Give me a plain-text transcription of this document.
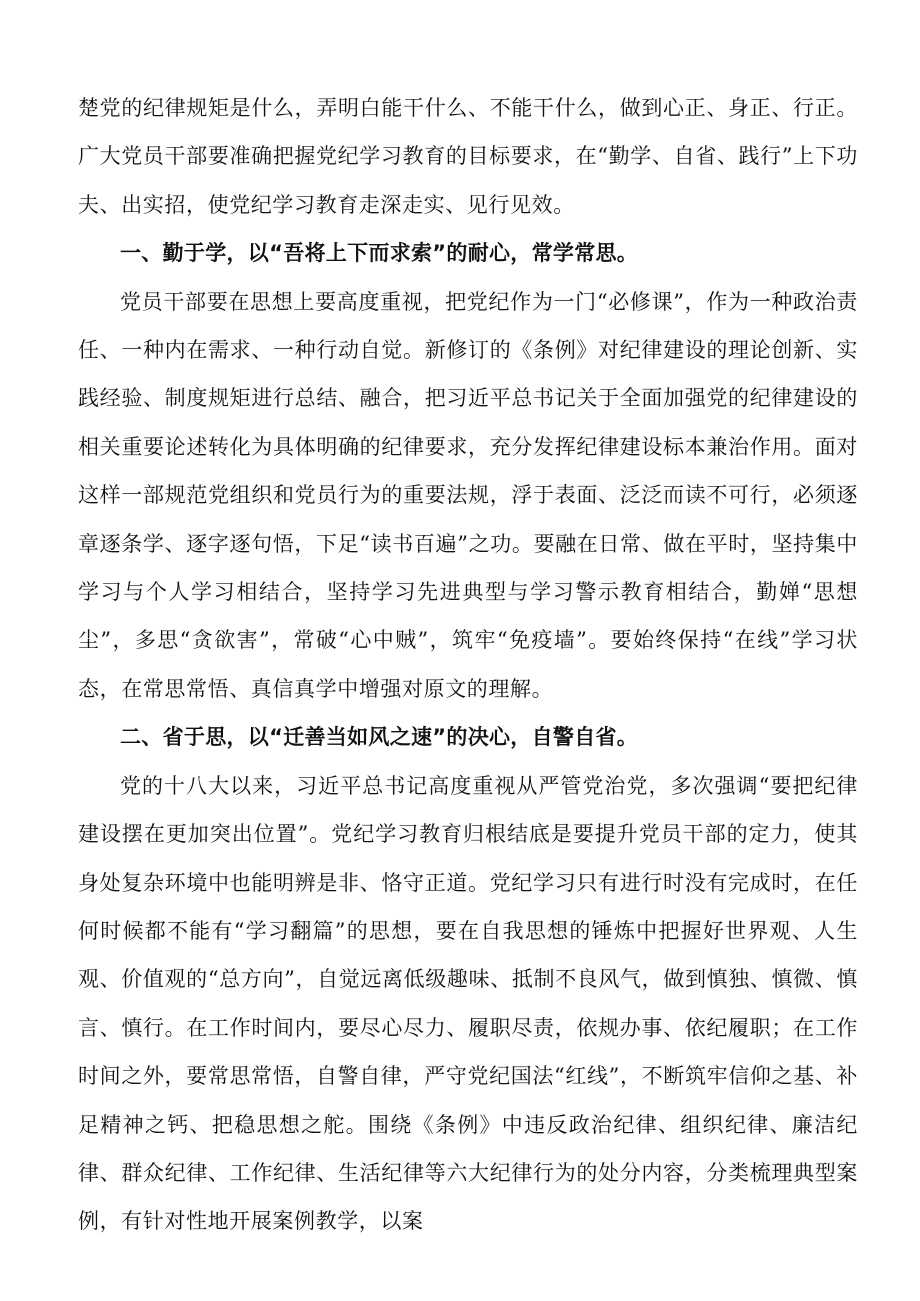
楚党的纪律规矩是什么，弄明白能干什么、不能干什么，做到心正、身正、行正。广大党员干部要准确把握党纪学习教育的目标要求，在“勤学、自省、践行”上下功夫、出实招，使党纪学习教育走深走实、见行见效。

一、勤于学，以“吾将上下而求索”的耐心，常学常思。

党员干部要在思想上要高度重视，把党纪作为一门“必修课”，作为一种政治责任、一种内在需求、一种行动自觉。新修订的《条例》对纪律建设的理论创新、实践经验、制度规矩进行总结、融合，把习近平总书记关于全面加强党的纪律建设的相关重要论述转化为具体明确的纪律要求，充分发挥纪律建设标本兼治作用。面对这样一部规范党组织和党员行为的重要法规，浮于表面、泛泛而读不可行，必须逐章逐条学、逐字逐句悟，下足“读书百遍”之功。要融在日常、做在平时，坚持集中学习与个人学习相结合，坚持学习先进典型与学习警示教育相结合，勤婵“思想尘”，多思“贪欲害”，常破“心中贼”，筑牢“免疫墙”。要始终保持“在线”学习状态，在常思常悟、真信真学中增强对原文的理解。

二、省于思，以“迁善当如风之速”的决心，自警自省。

党的十八大以来，习近平总书记高度重视从严管党治党，多次强调“要把纪律建设摆在更加突出位置”。党纪学习教育归根结底是要提升党员干部的定力，使其身处复杂环境中也能明辨是非、恪守正道。党纪学习只有进行时没有完成时，在任何时候都不能有“学习翻篇”的思想，要在自我思想的锤炼中把握好世界观、人生观、价值观的“总方向”，自觉远离低级趣味、抵制不良风气，做到慎独、慎微、慎言、慎行。在工作时间内，要尽心尽力、履职尽责，依规办事、依纪履职；在工作时间之外，要常思常悟，自警自律，严守党纪国法“红线”，不断筑牢信仰之基、补足精神之钙、把稳思想之舵。围绕《条例》中违反政治纪律、组织纪律、廉洁纪律、群众纪律、工作纪律、生活纪律等六大纪律行为的处分内容，分类梳理典型案例，有针对性地开展案例教学，以案
